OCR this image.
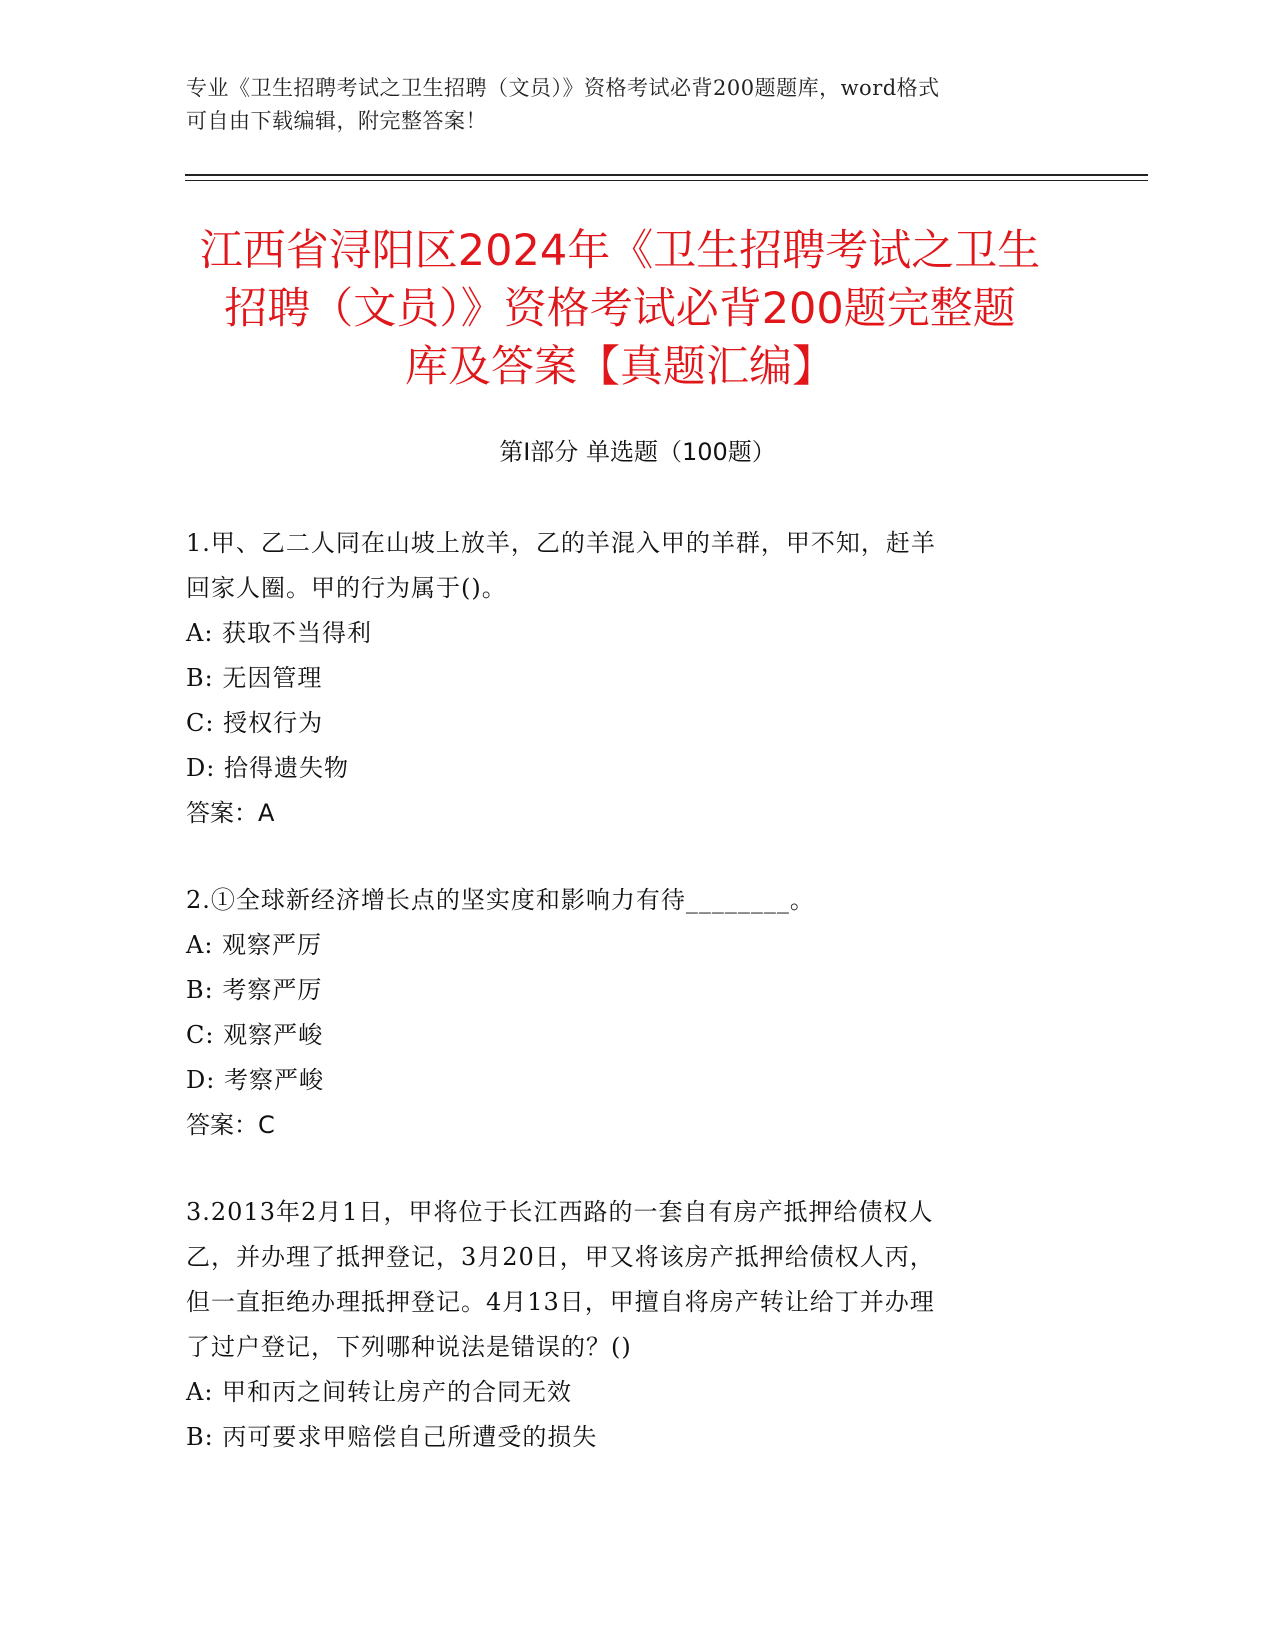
专业《卫生招聘考试之卫生招聘（文员）》资格考试必背200题题库，word格式
可自由下载编辑，附完整答案！
江西省浔阳区2024年《卫生招聘考试之卫生
招聘（文员）》资格考试必背200题完整题
库及答案【真题汇编】
第Ⅰ部分 单选题（100题）
1.甲、乙二人同在山坡上放羊，乙的羊混入甲的羊群，甲不知，赶羊
回家人圈。甲的行为属于()。
A: 获取不当得利
B: 无因管理
C: 授权行为
D: 拾得遗失物
答案：A
2.①全球新经济增长点的坚实度和影响力有待________。
A: 观察严厉
B: 考察严厉
C: 观察严峻
D: 考察严峻
答案：C
3.2013年2月1日，甲将位于长江西路的一套自有房产抵押给债权人
乙，并办理了抵押登记，3月20日，甲又将该房产抵押给债权人丙，
但一直拒绝办理抵押登记。4月13日，甲擅自将房产转让给丁并办理
了过户登记，下列哪种说法是错误的？()
A: 甲和丙之间转让房产的合同无效
B: 丙可要求甲赔偿自己所遭受的损失
